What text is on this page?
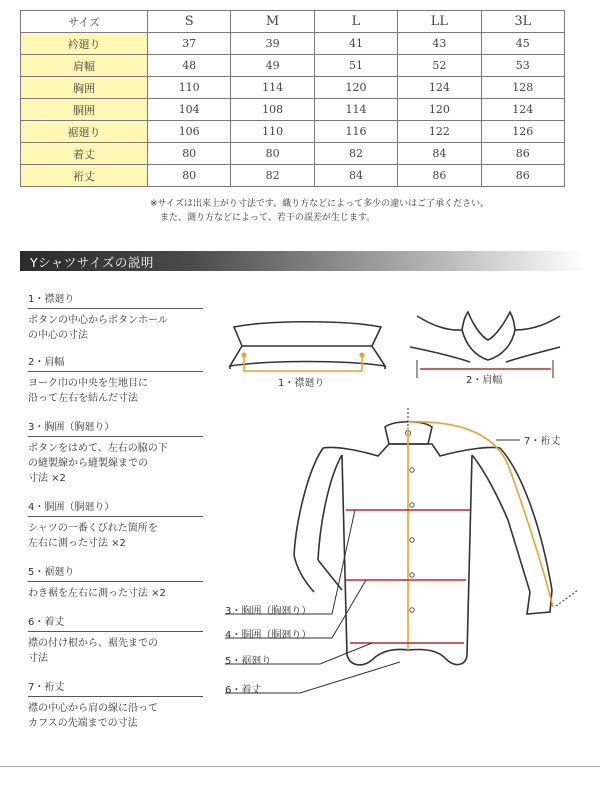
サイズ	S	M	L	LL	3L
衿廻り	37	39	41	43	45
肩幅	48	49	51	52	53
胸囲	110	114	120	124	128
胴囲	104	108	114	120	124
裾廻り	106	110	116	122	126
着丈	80	80	82	84	86
裄丈	80	82	84	86	86
※サイズは出来上がり寸法です。織り方などによって多少の違いはご了承ください。
また、測り方などによって、若干の誤差が生じます。
Yシャツサイズの説明
1・襟廻り
ボタンの中心からボタンホール
の中心の寸法
2・肩幅
ヨーク巾の中央を生地目に
沿って左右を結んだ寸法
3・胸囲（胸廻り）
ボタンをはめて、左右の脇の下
の縫製線から縫製線までの
寸法 ×2
4・胴囲（胴廻り）
シャツの一番くびれた箇所を
左右に測った寸法 ×2
5・裾廻り
わき裾を左右に測った寸法 ×2
6・着丈
襟の付け根から、裾先までの
寸法
7・裄丈
襟の中心から肩の線に沿って
カフスの先端までの寸法
1・襟廻り	2・肩幅
7・裄丈
3・胸囲（胸廻り）
4・胴囲（胴廻り）
5・裾廻り
6・着丈
